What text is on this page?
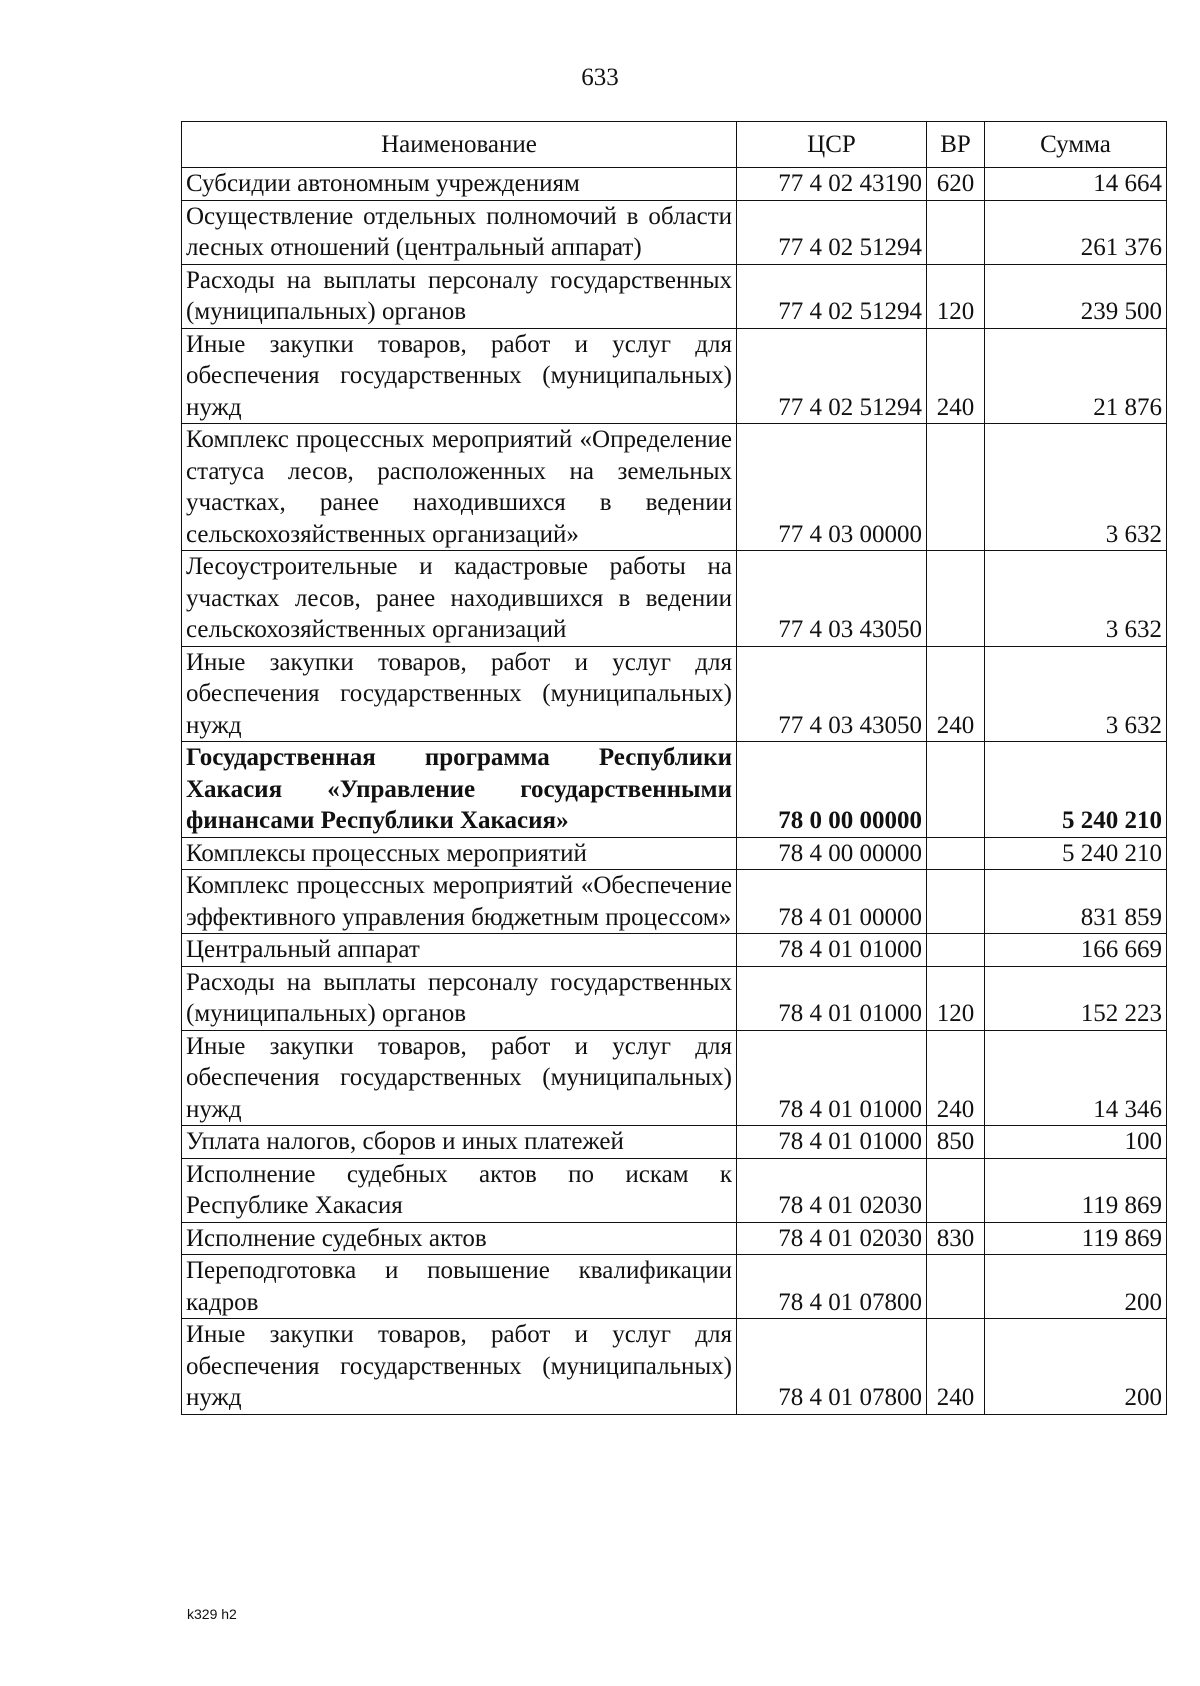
633
Наименование	ЦСР	ВР	Сумма
Субсидии автономным учреждениям	77 4 02 43190	620	14 664
Осуществление отдельных полномочий в области лесных отношений (центральный аппарат)	77 4 02 51294		261 376
Расходы на выплаты персоналу государственных (муниципальных) органов	77 4 02 51294	120	239 500
Иные закупки товаров, работ и услуг для обеспечения государственных (муниципальных) нужд	77 4 02 51294	240	21 876
Комплекс процессных мероприятий «Определение статуса лесов, расположенных на земельных участках, ранее находившихся в ведении сельскохозяйственных организаций»	77 4 03 00000		3 632
Лесоустроительные и кадастровые работы на участках лесов, ранее находившихся в ведении сельскохозяйственных организаций	77 4 03 43050		3 632
Иные закупки товаров, работ и услуг для обеспечения государственных (муниципальных) нужд	77 4 03 43050	240	3 632
Государственная программа Республики Хакасия «Управление государственными финансами Республики Хакасия»	78 0 00 00000		5 240 210
Комплексы процессных мероприятий	78 4 00 00000		5 240 210
Комплекс процессных мероприятий «Обеспечение эффективного управления бюджетным процессом»	78 4 01 00000		831 859
Центральный аппарат	78 4 01 01000		166 669
Расходы на выплаты персоналу государственных (муниципальных) органов	78 4 01 01000	120	152 223
Иные закупки товаров, работ и услуг для обеспечения государственных (муниципальных) нужд	78 4 01 01000	240	14 346
Уплата налогов, сборов и иных платежей	78 4 01 01000	850	100
Исполнение судебных актов по искам к Республике Хакасия	78 4 01 02030		119 869
Исполнение судебных актов	78 4 01 02030	830	119 869
Переподготовка и повышение квалификации кадров	78 4 01 07800		200
Иные закупки товаров, работ и услуг для обеспечения государственных (муниципальных) нужд	78 4 01 07800	240	200
k329 h2
